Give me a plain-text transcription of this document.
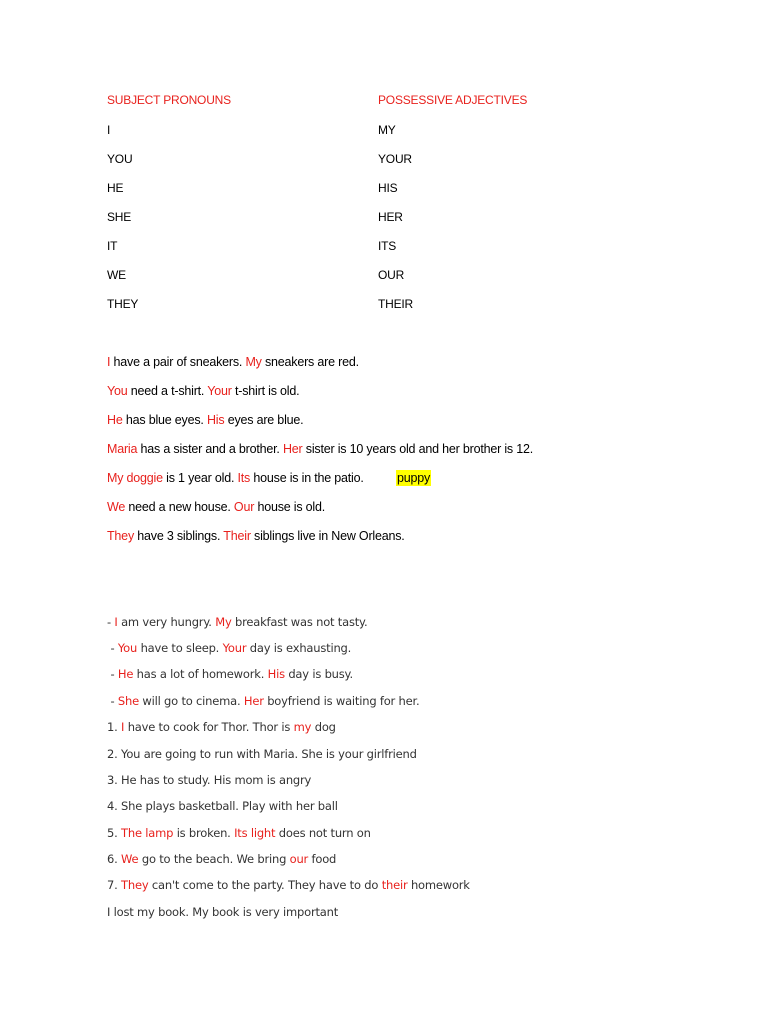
SUBJECT PRONOUNS	POSSESSIVE ADJECTIVES
I	MY
YOU	YOUR
HE	HIS
SHE	HER
IT	ITS
WE	OUR
THEY	THEIR
I have a pair of sneakers. My sneakers are red.
You need a t-shirt. Your t-shirt is old.
He has blue eyes. His eyes are blue.
Maria has a sister and a brother. Her sister is 10 years old and her brother is 12.
My doggie is 1 year old. Its house is in the patio.	puppy
We need a new house. Our house is old.
They have 3 siblings. Their siblings live in New Orleans.
- I am very hungry. My breakfast was not tasty.
- You have to sleep. Your day is exhausting.
- He has a lot of homework. His day is busy.
- She will go to cinema. Her boyfriend is waiting for her.
1. I have to cook for Thor. Thor is my dog
2. You are going to run with Maria. She is your girlfriend
3. He has to study. His mom is angry
4. She plays basketball. Play with her ball
5. The lamp is broken. Its light does not turn on
6. We go to the beach. We bring our food
7. They can't come to the party. They have to do their homework
I lost my book. My book is very important
